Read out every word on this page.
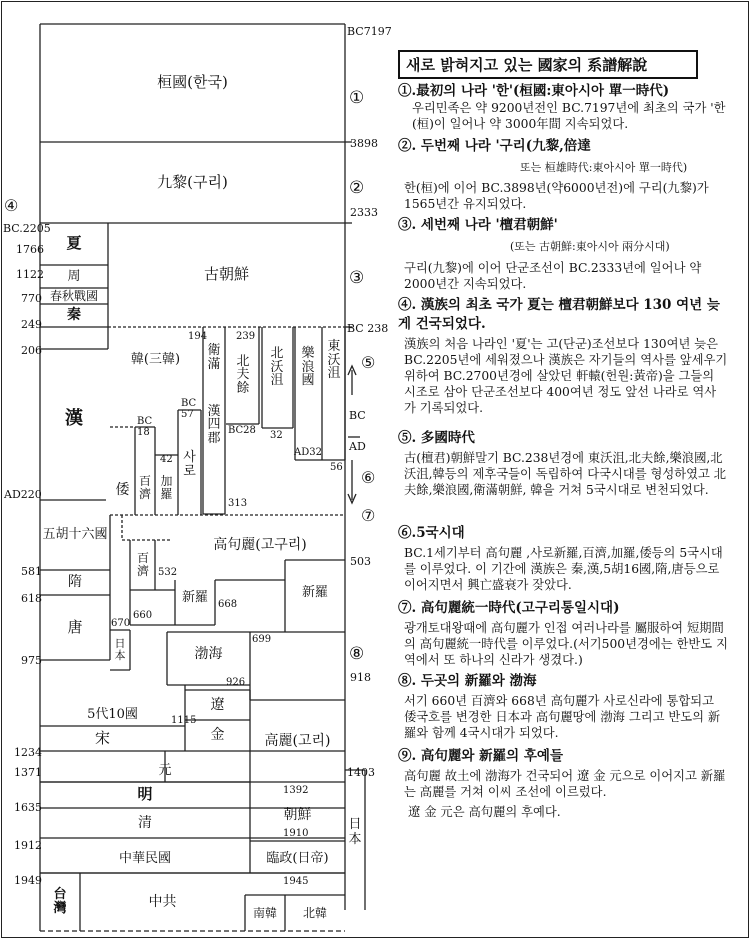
BC.2205
1766
1122
770
249
206
AD220
581
618
975
1234
1371
1635
1912
1949
④
BC7197
①
3898
②
2333
③
BC 238
⑤
BC
AD
⑥
⑦
503
⑧
918
1403
日
本
桓國(한국)
九黎(구리)
古朝鮮
夏
周
春秋戰國
秦
漢
韓(三韓)
194
衛
滿
漢
四
郡
239
北
夫
餘
北
沃
沮
樂
浪
國
東
沃
沮
BC
57
사
로
BC
18
百
濟
42
加
羅
倭
BC28 32
AD32
56
313
五胡十六國
高句麗(고구리)
百
濟 532
新羅
660
668
新羅
隋
唐	670
日
本	渤海
699
5代10國
926
遼
1115
金
宋	高麗(고리)
元
明	1392
朝鮮
清
1910
中華民國	臨政(日帝)
1945
台
灣	中共
南韓	北韓
새로 밝혀지고 있는 國家의 系譜解說
①.最初의 나라 '한'(桓國:東아시아 單一時代)
우리민족은 약 9200년전인 BC.7197년에 최초의 국가 '한(桓)이 일어나 약 3000年間 지속되었다.
②. 두번째 나라 '구리(九黎,倍達
또는 桓雄時代:東아시아 單一時代)
한(桓)에 이어 BC.3898년(약6000년전)에 구리(九黎)가 1565년간 유지되었다.
③. 세번째 나라 '檀君朝鮮'
(또는 古朝鮮:東아시아 兩分시대)
구리(九黎)에 이어 단군조선이 BC.2333년에 일어나 약2000년간 지속되었다.
④. 漢族의 최초 국가 夏는 檀君朝鮮보다 130 여년 늦게 건국되었다.
漢族의 처음 나라인 '夏'는 고(단군)조선보다 130여년 늦은 BC.2205년에 세워졌으나 漢族은 자기들의 역사를 앞세우기 위하여 BC.2700년경에 살았던 軒轅(헌원:黃帝)을 그들의 시조로 삼아 단군조선보다 400여년 정도 앞선 나라로 역사가 기록되었다.
⑤. 多國時代
古(檀君)朝鮮말기 BC.238년경에 東沃沮,北夫餘,樂浪國,北沃沮,韓등의 제후국들이 독립하여 다국시대를 형성하였고 北夫餘,樂浪國,衛滿朝鮮, 韓을 거쳐 5국시대로 변천되었다.
⑥.5국시대
BC.1세기부터 高句麗 ,사로新羅,百濟,加羅,倭등의 5국시대를 이루었다. 이 기간에 漢族은 秦,漢,5胡16國,隋,唐등으로 이어지면서 興亡盛衰가 잦았다.
⑦. 高句麗統一時代(고구리통일시대)
광개토대왕때에 高句麗가 인접 여러나라를 屬服하여 短期間의 高句麗統一時代를 이루었다.(서기500년경에는 한반도 지역에서 또 하나의 신라가 생겼다.)
⑧. 두곳의 新羅와 渤海
서기 660년 百濟와 668년 高句麗가 사로신라에 통합되고 倭국호를 변경한 日本과 高句麗땅에 渤海 그리고 반도의 新羅와 함께 4국시대가 되었다.
⑨. 高句麗와 新羅의 후예들
高句麗 故土에 渤海가 건국되어 遼 金 元으로 이어지고 新羅는 高麗를 거쳐 이씨 조선에 이르렀다.
遼 金 元은 高句麗의 후예다.
